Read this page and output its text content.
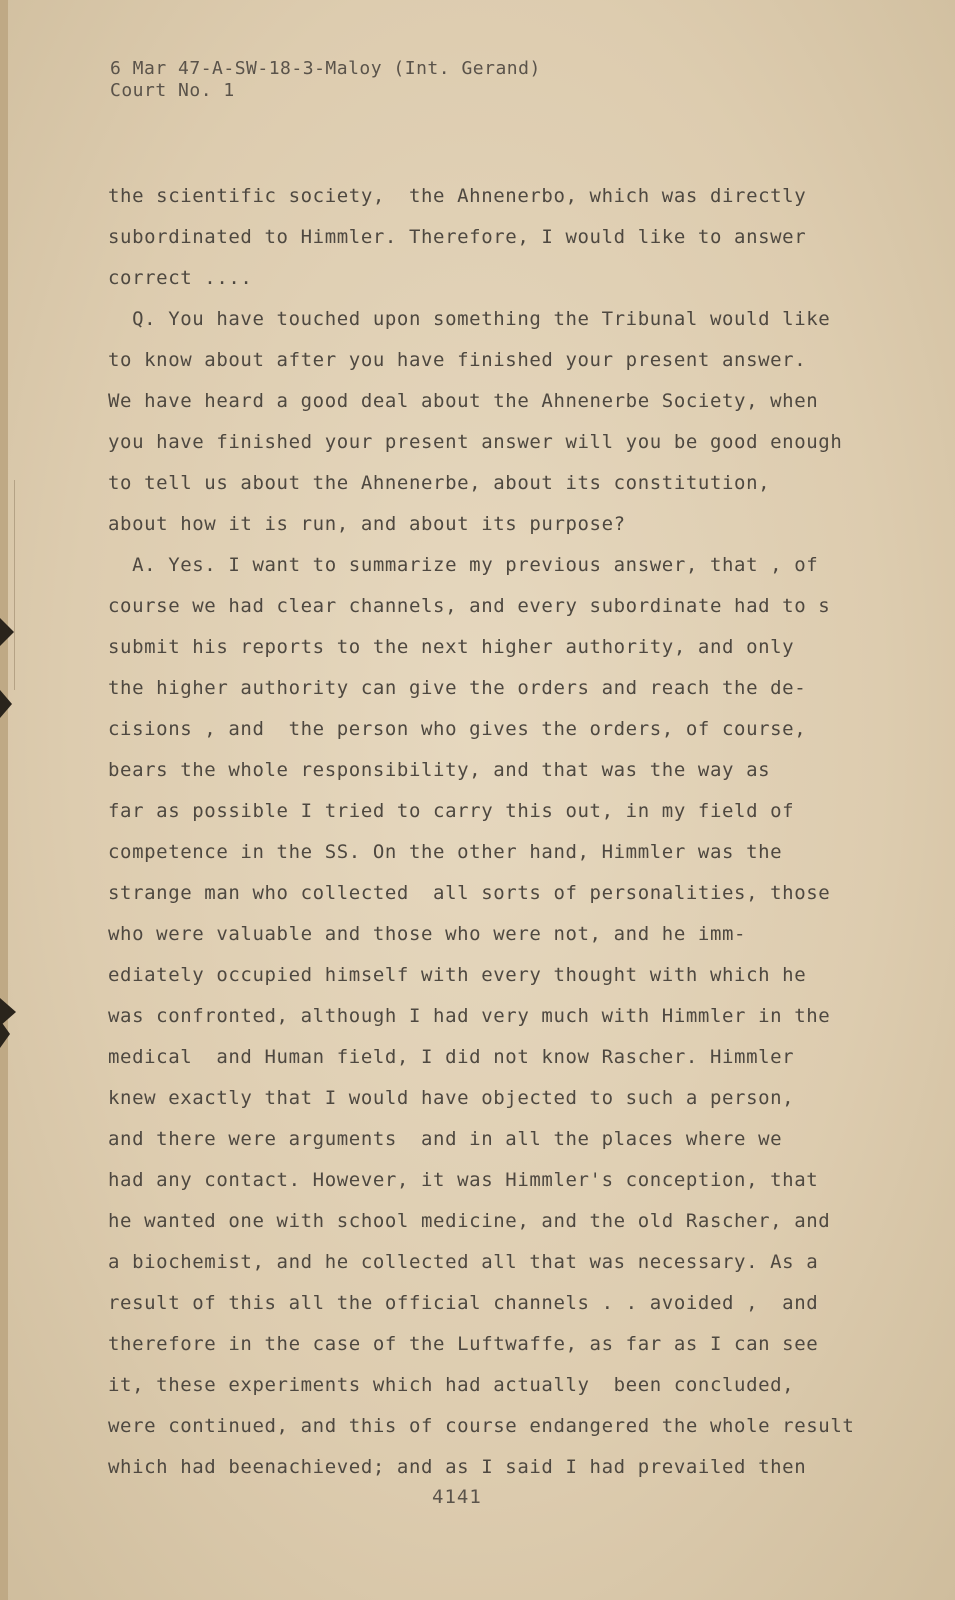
6 Mar 47-A-SW-18-3-Maloy (Int. Gerand)
Court No. 1
the scientific society,  the Ahnenerbo, which was directly
subordinated to Himmler. Therefore, I would like to answer
correct ....
Q. You have touched upon something the Tribunal would like
to know about after you have finished your present answer.
We have heard a good deal about the Ahnenerbe Society, when
you have finished your present answer will you be good enough
to tell us about the Ahnenerbe, about its constitution,
about how it is run, and about its purpose?
A. Yes. I want to summarize my previous answer, that , of
course we had clear channels, and every subordinate had to s
submit his reports to the next higher authority, and only
the higher authority can give the orders and reach the de-
cisions , and  the person who gives the orders, of course,
bears the whole responsibility, and that was the way as
far as possible I tried to carry this out, in my field of
competence in the SS. On the other hand, Himmler was the
strange man who collected  all sorts of personalities, those
who were valuable and those who were not, and he imm-
ediately occupied himself with every thought with which he
was confronted, although I had very much with Himmler in the
medical  and Human field, I did not know Rascher. Himmler
knew exactly that I would have objected to such a person,
and there were arguments  and in all the places where we
had any contact. However, it was Himmler's conception, that
he wanted one with school medicine, and the old Rascher, and
a biochemist, and he collected all that was necessary. As a
result of this all the official channels . . avoided ,  and
therefore in the case of the Luftwaffe, as far as I can see
it, these experiments which had actually  been concluded,
were continued, and this of course endangered the whole result
which had beenachieved; and as I said I had prevailed then
4141
